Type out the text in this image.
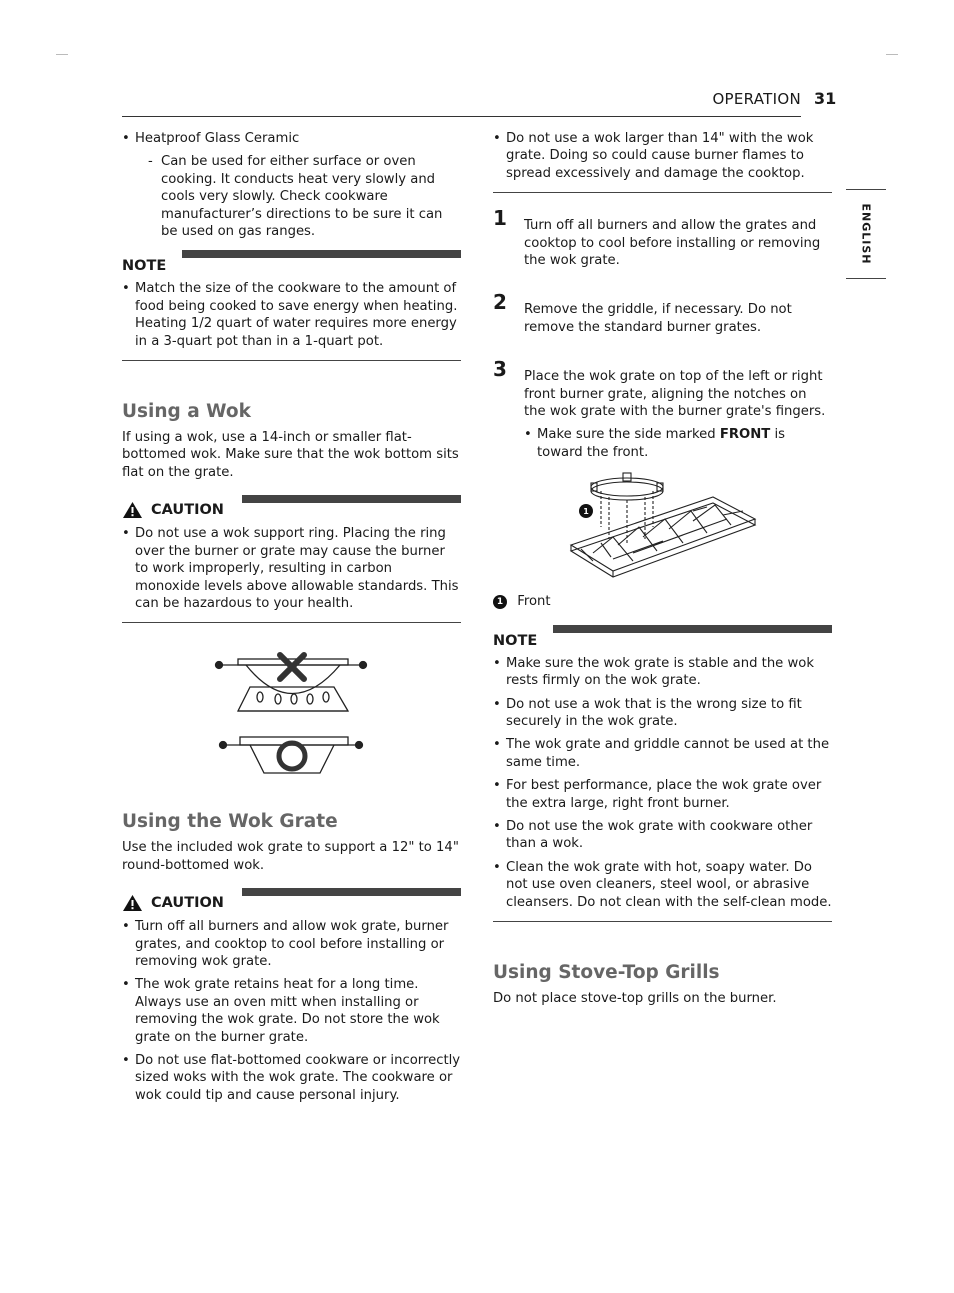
OPERATION 31
ENGLISH
• Heatproof Glass Ceramic
- Can be used for either surface or oven cooking. It conducts heat very slowly and cools very slowly. Check cookware manufacturer’s directions to be sure it can be used on gas ranges.
NOTE
• Match the size of the cookware to the amount of food being cooked to save energy when heating. Heating 1/2 quart of water requires more energy in a 3-quart pot than in a 1-quart pot.
Using a Wok
If using a wok, use a 14-inch or smaller flat-bottomed wok. Make sure that the wok bottom sits flat on the grate.
CAUTION
• Do not use a wok support ring. Placing the ring over the burner or grate may cause the burner to work improperly, resulting in carbon monoxide levels above allowable standards. This can be hazardous to your health.
Using the Wok Grate
Use the included wok grate to support a 12" to 14" round-bottomed wok.
CAUTION
• Turn off all burners and allow wok grate, burner grates, and cooktop to cool before installing or removing wok grate.
• The wok grate retains heat for a long time. Always use an oven mitt when installing or removing the wok grate. Do not store the wok grate on the burner grate.
• Do not use flat-bottomed cookware or incorrectly sized woks with the wok grate. The cookware or wok could tip and cause personal injury.
• Do not use a wok larger than 14" with the wok grate. Doing so could cause burner flames to spread excessively and damage the cooktop.
1 Turn off all burners and allow the grates and cooktop to cool before installing or removing the wok grate.
2 Remove the griddle, if necessary. Do not remove the standard burner grates.
3 Place the wok grate on top of the left or right front burner grate, aligning the notches on the wok grate with the burner grate's fingers.
• Make sure the side marked FRONT is toward the front.
1
1 Front
NOTE
• Make sure the wok grate is stable and the wok rests firmly on the wok grate.
• Do not use a wok that is the wrong size to fit securely in the wok grate.
• The wok grate and griddle cannot be used at the same time.
• For best performance, place the wok grate over the extra large, right front burner.
• Do not use the wok grate with cookware other than a wok.
• Clean the wok grate with hot, soapy water. Do not use oven cleaners, steel wool, or abrasive cleansers. Do not clean with the self-clean mode.
Using Stove-Top Grills
Do not place stove-top grills on the burner.
